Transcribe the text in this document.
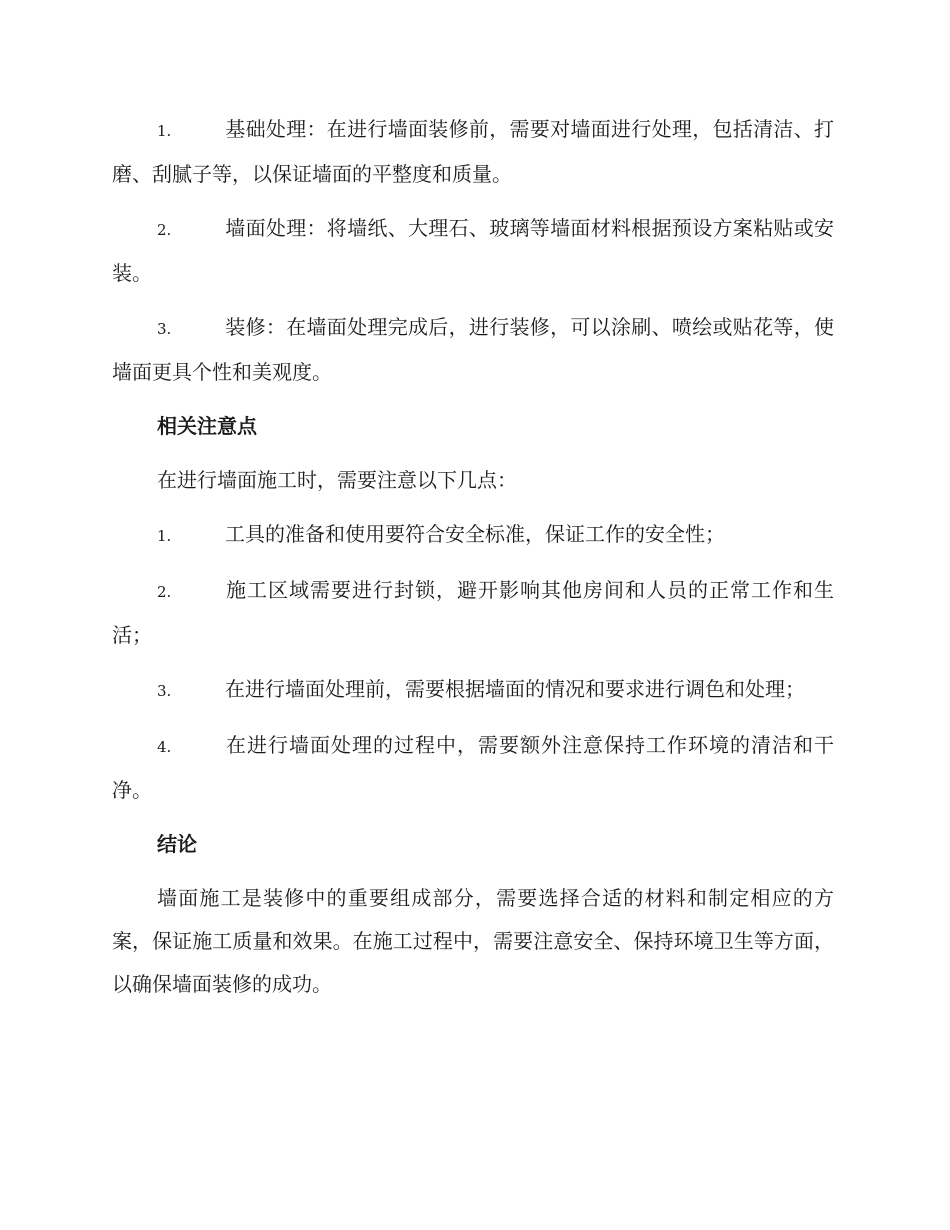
1.	基础处理：在进行墙面装修前，需要对墙面进行处理，包括清洁、打磨、刮腻子等，以保证墙面的平整度和质量。

2.	墙面处理：将墙纸、大理石、玻璃等墙面材料根据预设方案粘贴或安装。

3.	装修：在墙面处理完成后，进行装修，可以涂刷、喷绘或贴花等，使墙面更具个性和美观度。

相关注意点

在进行墙面施工时，需要注意以下几点：

1.	工具的准备和使用要符合安全标准，保证工作的安全性；

2.	施工区域需要进行封锁，避开影响其他房间和人员的正常工作和生活；

3.	在进行墙面处理前，需要根据墙面的情况和要求进行调色和处理；

4.	在进行墙面处理的过程中，需要额外注意保持工作环境的清洁和干净。

结论

墙面施工是装修中的重要组成部分，需要选择合适的材料和制定相应的方案，保证施工质量和效果。在施工过程中，需要注意安全、保持环境卫生等方面，以确保墙面装修的成功。
